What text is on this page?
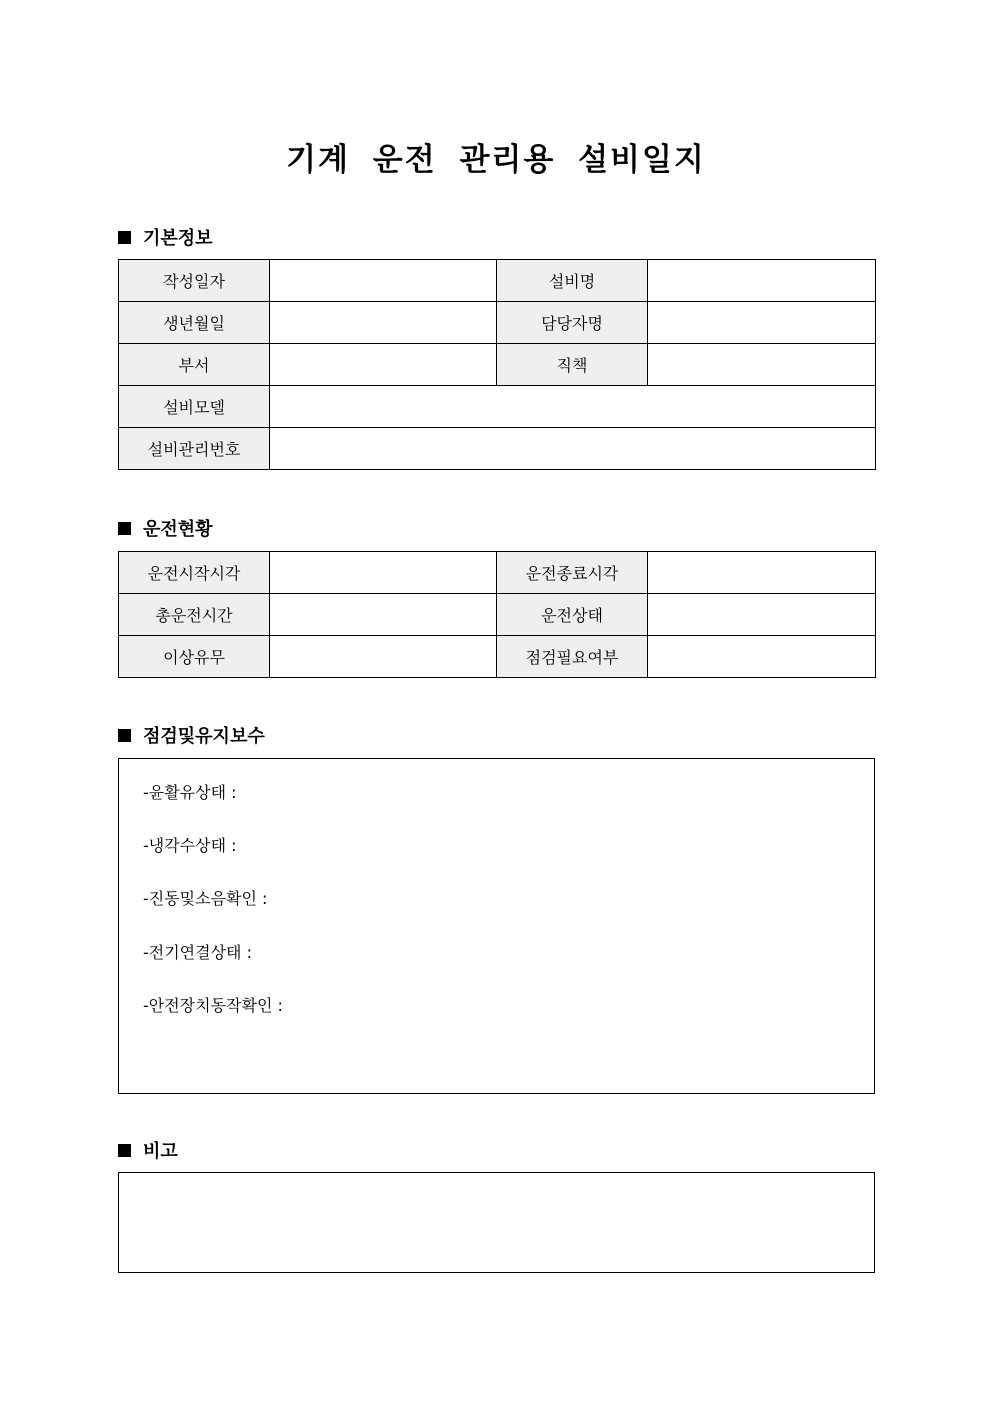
기계 운전 관리용 설비일지
기본정보
작성일자		설비명	
생년월일		담당자명	
부서		직책	
설비모델			
설비관리번호			
운전현황
운전시작시각		운전종료시각	
총운전시간		운전상태	
이상유무		점검필요여부	
점검및유지보수
-윤활유상태 :
-냉각수상태 :
-진동및소음확인 :
-전기연결상태 :
-안전장치동작확인 :
비고
